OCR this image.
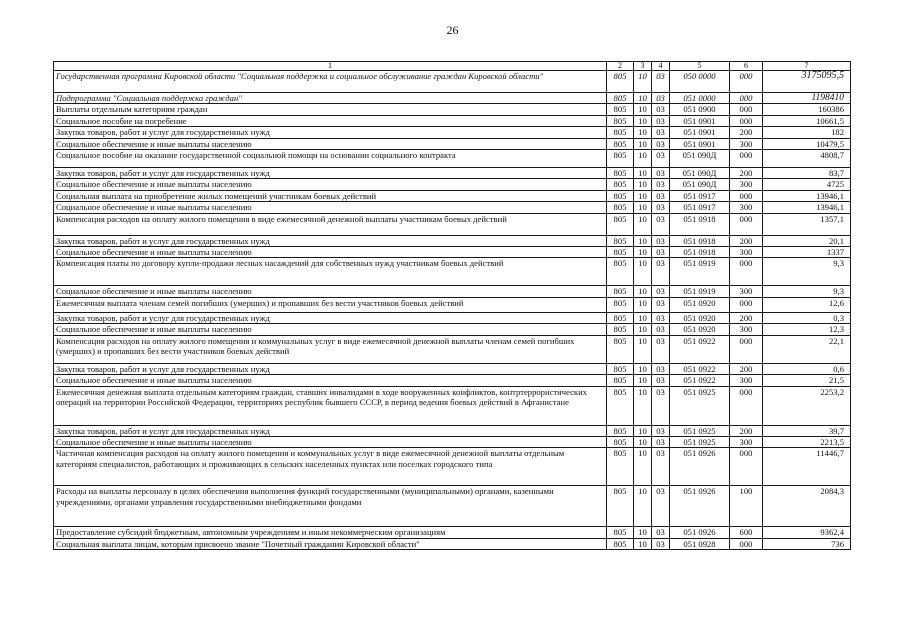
26
1	2	3	4	5	6	7
Государственная программа Кировской области "Социальная поддержка и социальное обслуживание граждан Кировской области"	805	10	03	050 0000	000	3175095,5
Подпрограмма "Социальная поддержка граждан"	805	10	03	051 0000	000	1198410
Выплаты отдельным категориям граждан	805	10	03	051 0900	000	160386
Социальное пособие на погребение	805	10	03	051 0901	000	10661,5
Закупка товаров, работ и услуг для государственных нужд	805	10	03	051 0901	200	182
Социальное обеспечение и иные выплаты населению	805	10	03	051 0901	300	10479,5
Социальное пособие на оказание государственной социальной помощи на основании социального контракта	805	10	03	051 090Д	000	4808,7
Закупка товаров, работ и услуг для государственных нужд	805	10	03	051 090Д	200	83,7
Социальное обеспечение и иные выплаты населению	805	10	03	051 090Д	300	4725
Социальная выплата на приобретение жилых помещений участникам боевых действий	805	10	03	051 0917	000	13946,1
Социальное обеспечение и иные выплаты населению	805	10	03	051 0917	300	13946,1
Компенсация расходов на оплату жилого помещения в виде ежемесячной денежной выплаты участникам боевых действий	805	10	03	051 0918	000	1357,1
Закупка товаров, работ и услуг для государственных нужд	805	10	03	051 0918	200	20,1
Социальное обеспечение и иные выплаты населению	805	10	03	051 0918	300	1337
Компенсация платы по договору купли-продажи лесных насаждений для собственных нужд участникам боевых действий	805	10	03	051 0919	000	9,3
Социальное обеспечение и иные выплаты населению	805	10	03	051 0919	300	9,3
Ежемесячная выплата членам семей погибших (умерших) и пропавших без вести участников боевых действий	805	10	03	051 0920	000	12,6
Закупка товаров, работ и услуг для государственных нужд	805	10	03	051 0920	200	0,3
Социальное обеспечение и иные выплаты населению	805	10	03	051 0920	300	12,3
Компенсация расходов на оплату жилого помещения и коммунальных услуг в виде ежемесячной денежной выплаты членам семей погибших (умерших) и пропавших без вести участников боевых действий	805	10	03	051 0922	000	22,1
Закупка товаров, работ и услуг для государственных нужд	805	10	03	051 0922	200	0,6
Социальное обеспечение и иные выплаты населению	805	10	03	051 0922	300	21,5
Ежемесячная денежная выплата отдельным категориям граждан, ставших инвалидами в ходе вооруженных конфликтов, контртеррористических операций на территории Российской Федерации, территориях республик бывшего СССР, в период ведения боевых действий в Афганистане	805	10	03	051 0925	000	2253,2
Закупка товаров, работ и услуг для государственных нужд	805	10	03	051 0925	200	39,7
Социальное обеспечение и иные выплаты населению	805	10	03	051 0925	300	2213,5
Частичная компенсация расходов на оплату жилого помещения и коммунальных услуг в виде ежемесячной денежной выплаты отдельным категориям специалистов, работающих и проживающих в сельских населенных пунктах или поселках городского типа	805	10	03	051 0926	000	11446,7
Расходы на выплаты персоналу в целях обеспечения выполнения функций государственными (муниципальными) органами, казенными учреждениями, органами управления государственными внебюджетными фондами	805	10	03	051 0926	100	2084,3
Предоставление субсидий бюджетным, автономным учреждениям и иным некоммерческим организациям	805	10	03	051 0926	600	9362,4
Социальная выплата лицам, которым присвоено звание "Почетный гражданин Кировской области"	805	10	03	051 0928	000	736
